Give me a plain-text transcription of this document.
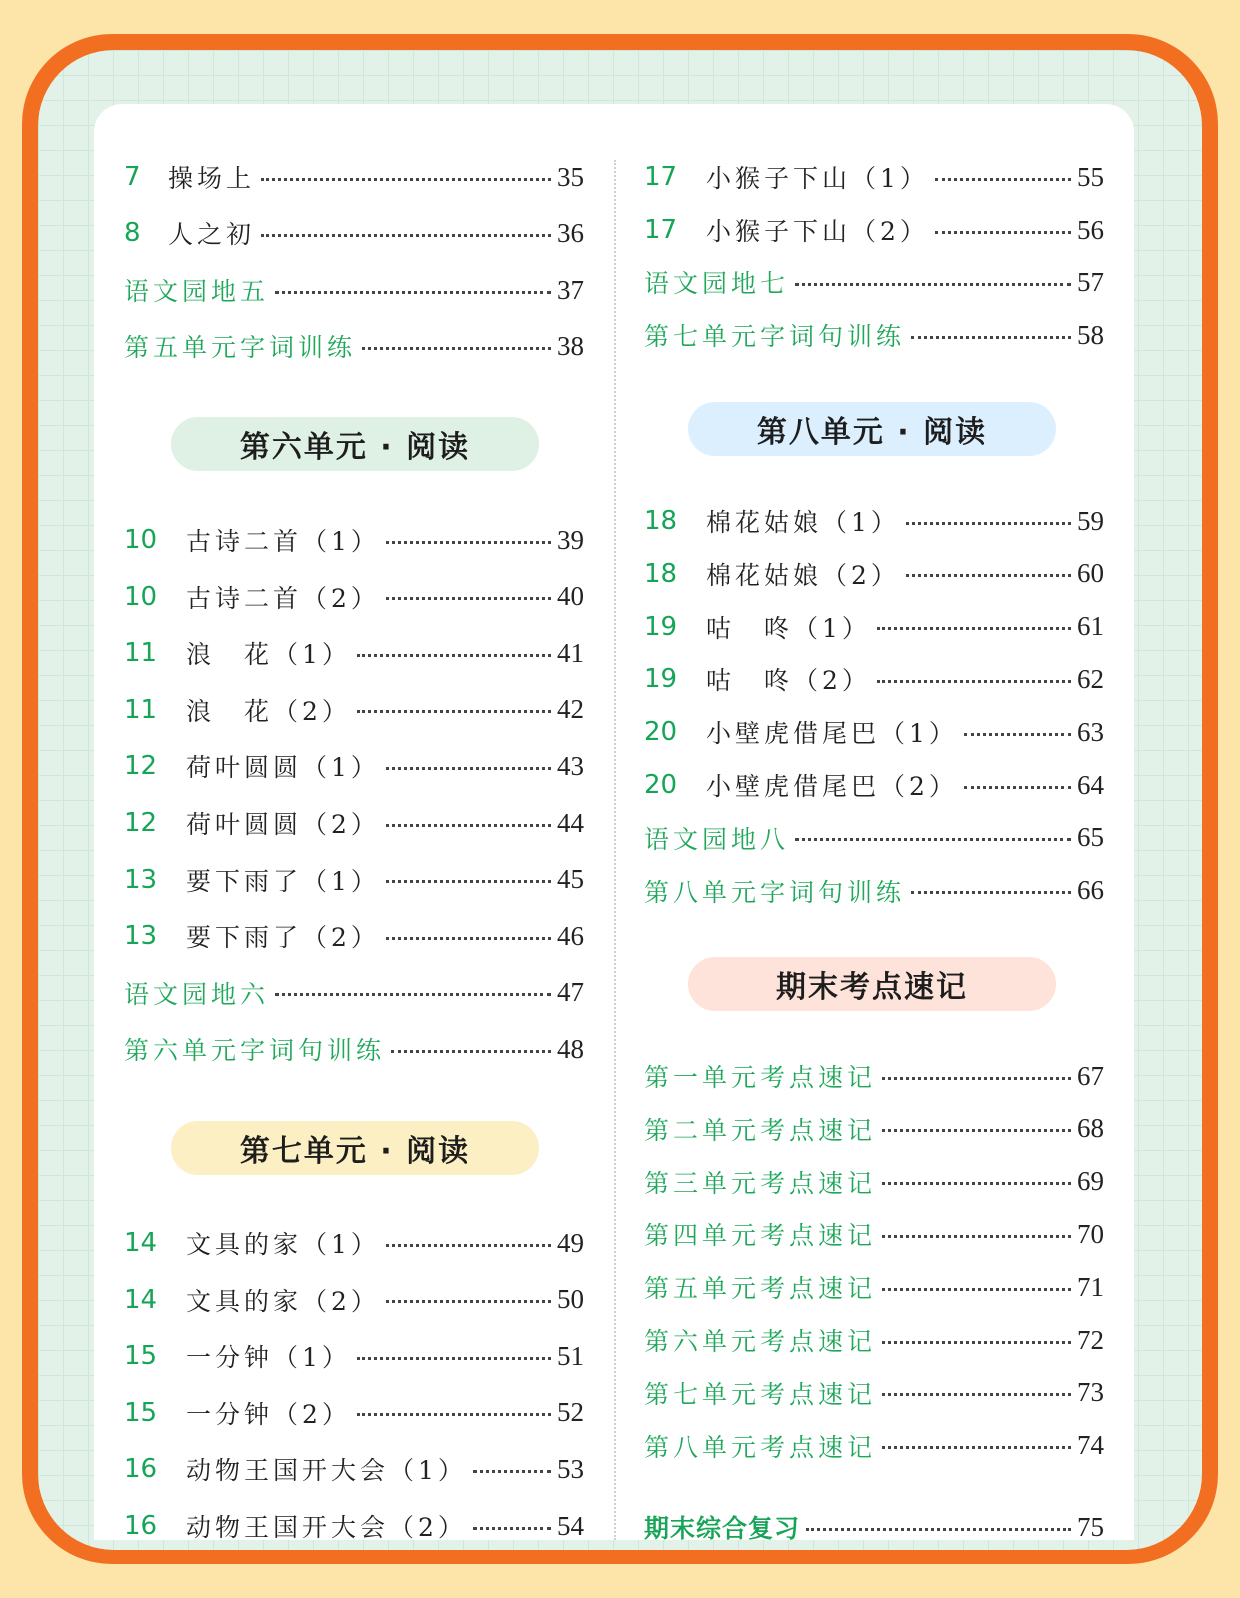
7	操场上	35
8	人之初	36
语文园地五	37
第五单元字词训练	38
第六单元 · 阅读
10	古诗二首（1）	39
10	古诗二首（2）	40
11	浪　花（1）	41
11	浪　花（2）	42
12	荷叶圆圆（1）	43
12	荷叶圆圆（2）	44
13	要下雨了（1）	45
13	要下雨了（2）	46
语文园地六	47
第六单元字词句训练	48
第七单元 · 阅读
14	文具的家（1）	49
14	文具的家（2）	50
15	一分钟（1）	51
15	一分钟（2）	52
16	动物王国开大会（1）	53
16	动物王国开大会（2）	54
17	小猴子下山（1）	55
17	小猴子下山（2）	56
语文园地七	57
第七单元字词句训练	58
第八单元 · 阅读
18	棉花姑娘（1）	59
18	棉花姑娘（2）	60
19	咕　咚（1）	61
19	咕　咚（2）	62
20	小壁虎借尾巴（1）	63
20	小壁虎借尾巴（2）	64
语文园地八	65
第八单元字词句训练	66
期末考点速记
第一单元考点速记	67
第二单元考点速记	68
第三单元考点速记	69
第四单元考点速记	70
第五单元考点速记	71
第六单元考点速记	72
第七单元考点速记	73
第八单元考点速记	74
期末综合复习	75
